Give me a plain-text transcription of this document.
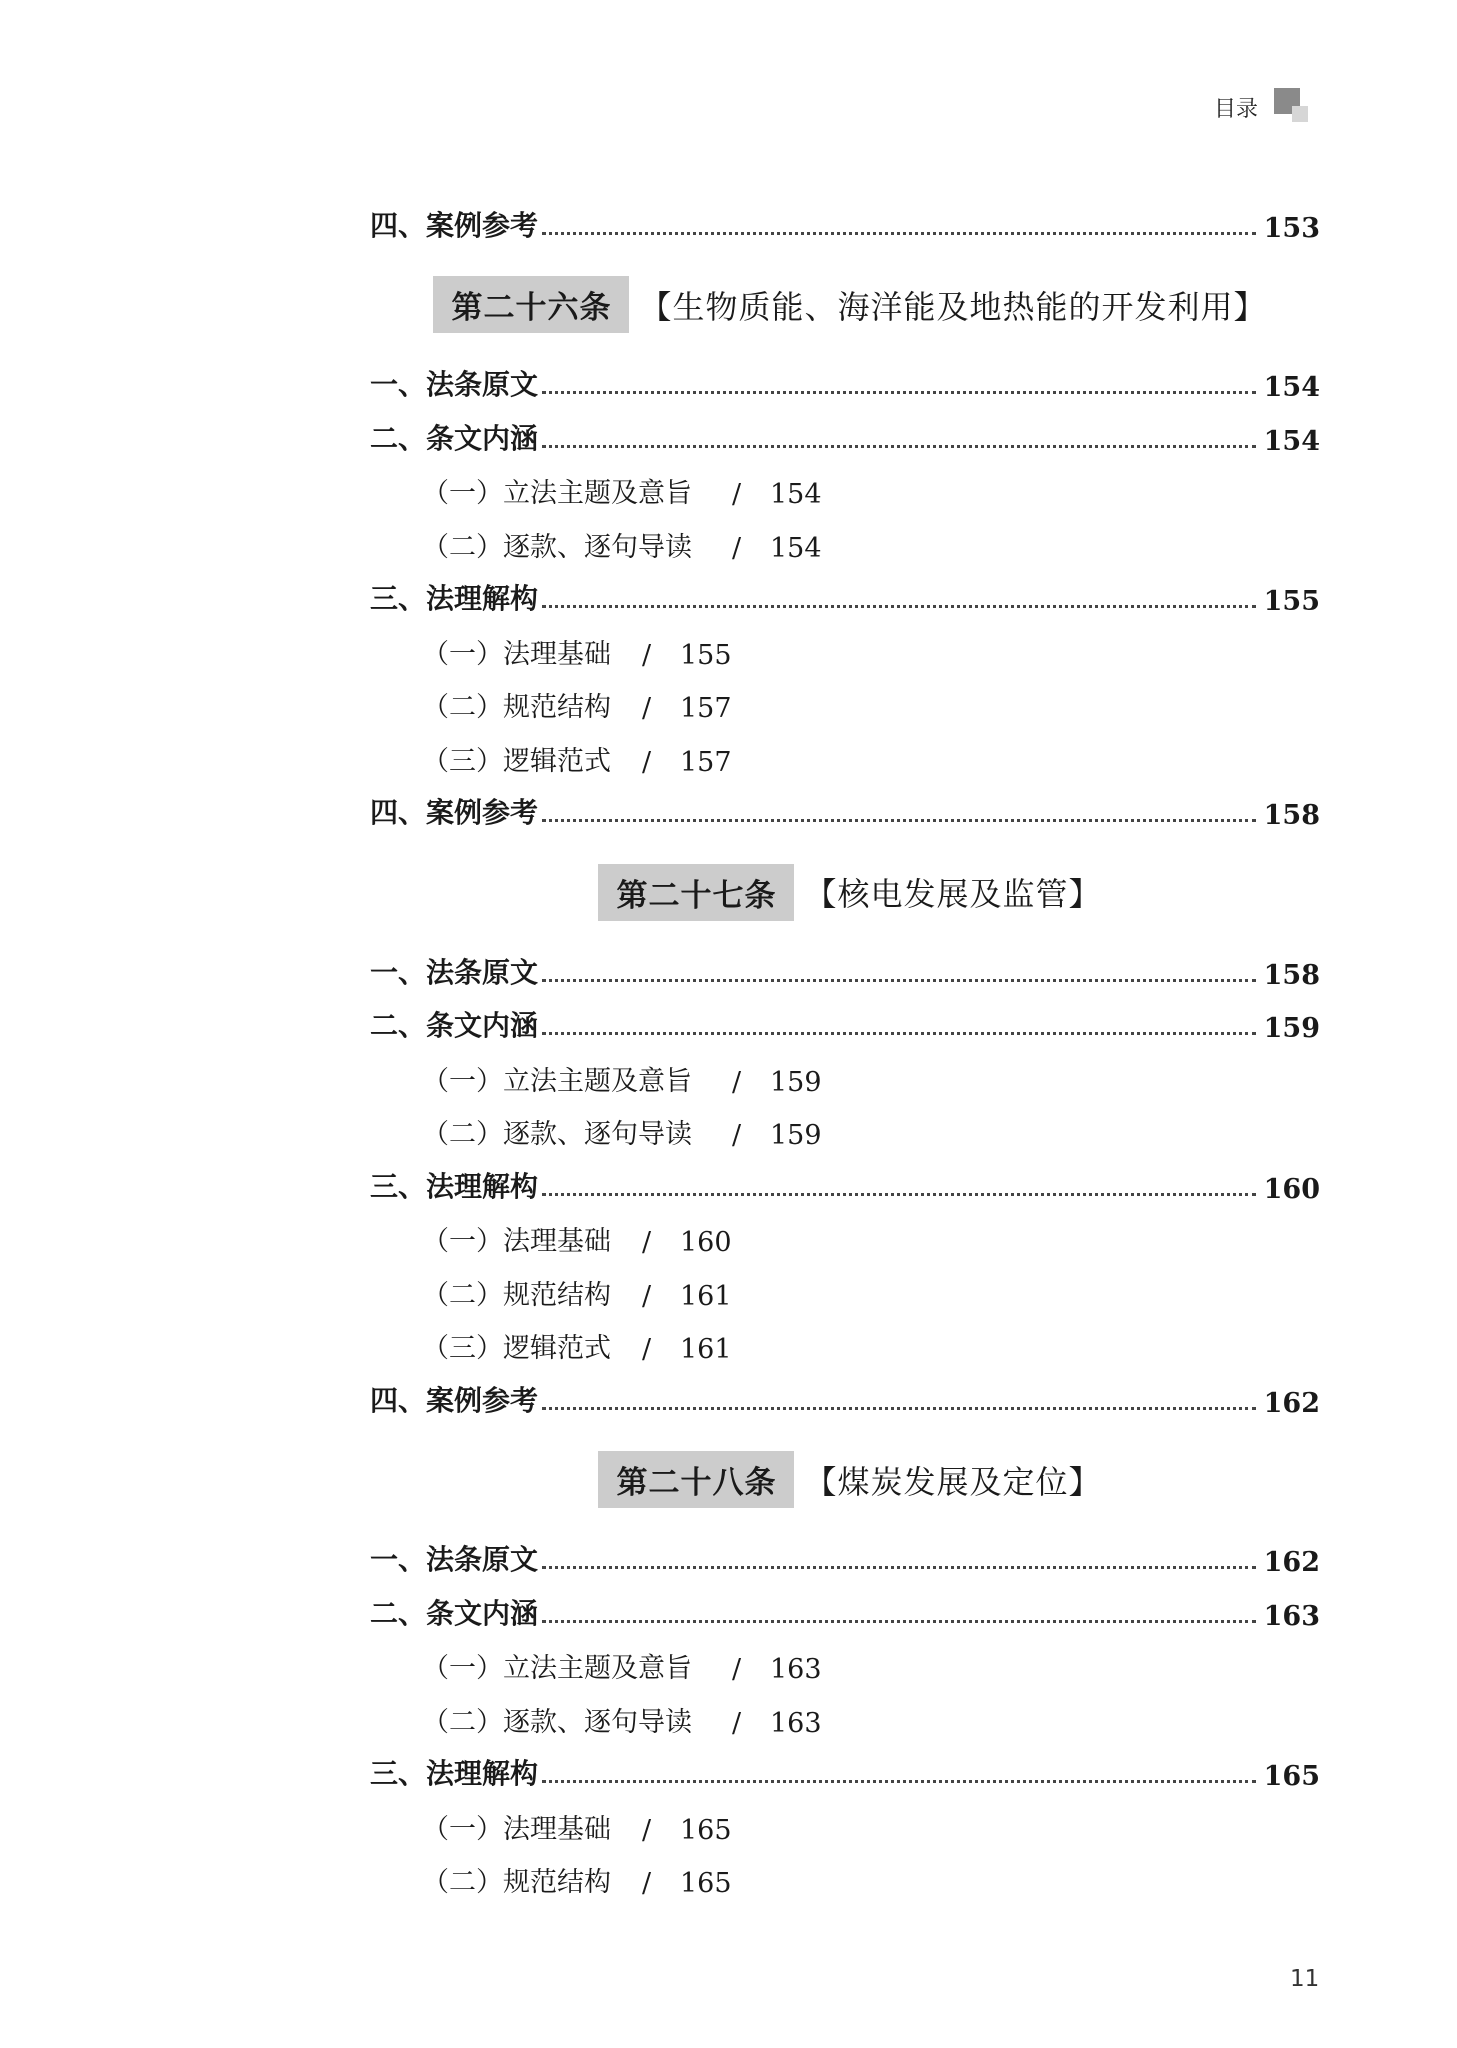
目录
四、案例参考	153
第二十六条 【生物质能、海洋能及地热能的开发利用】
一、法条原文	154
二、条文内涵	154
（一）立法主题及意旨	/	154
（二）逐款、逐句导读	/	154
三、法理解构	155
（一）法理基础	/	155
（二）规范结构	/	157
（三）逻辑范式	/	157
四、案例参考	158
第二十七条 【核电发展及监管】
一、法条原文	158
二、条文内涵	159
（一）立法主题及意旨	/	159
（二）逐款、逐句导读	/	159
三、法理解构	160
（一）法理基础	/	160
（二）规范结构	/	161
（三）逻辑范式	/	161
四、案例参考	162
第二十八条 【煤炭发展及定位】
一、法条原文	162
二、条文内涵	163
（一）立法主题及意旨	/	163
（二）逐款、逐句导读	/	163
三、法理解构	165
（一）法理基础	/	165
（二）规范结构	/	165
11
